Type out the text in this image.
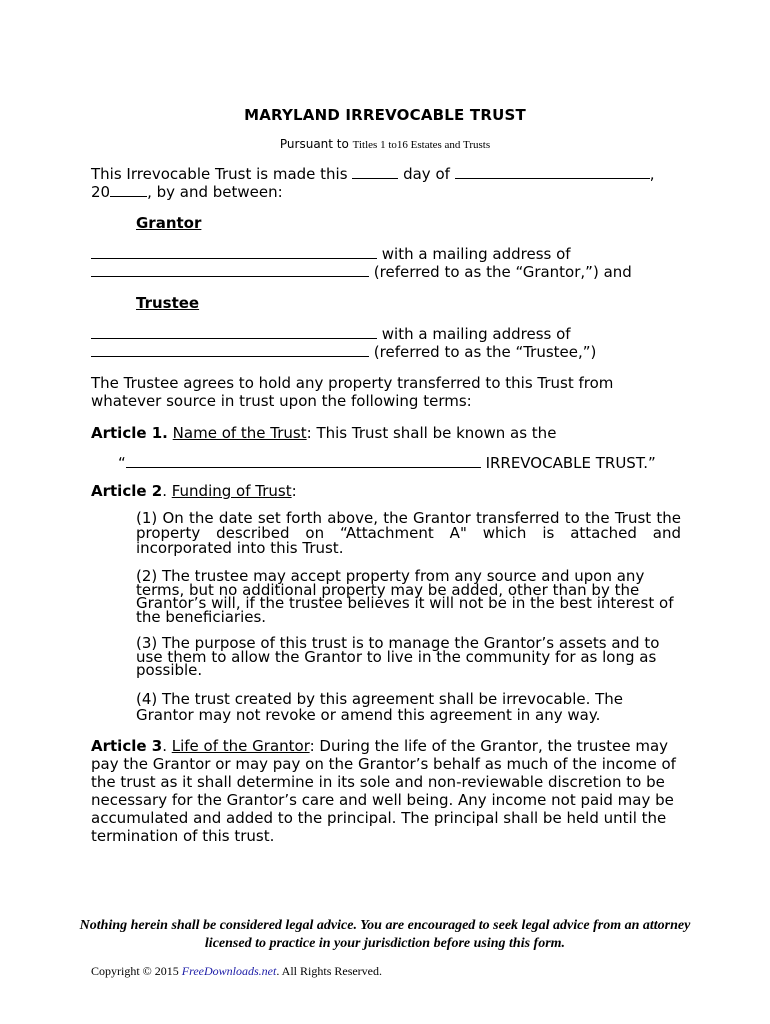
MARYLAND IRREVOCABLE TRUST
Pursuant to Titles 1 to16 Estates and Trusts
This Irrevocable Trust is made this	day of	,
20 , by and between:
Grantor
with a mailing address of
(referred to as the “Grantor,”) and
Trustee
with a mailing address of
(referred to as the “Trustee,”)
The Trustee agrees to hold any property transferred to this Trust from whatever source in trust upon the following terms:
Article 1. Name of the Trust: This Trust shall be known as the
“	IRREVOCABLE TRUST.”
Article 2. Funding of Trust:
(1) On the date set forth above, the Grantor transferred to the Trust the property described on “Attachment A" which is attached and incorporated into this Trust.
(2) The trustee may accept property from any source and upon any terms, but no additional property may be added, other than by the Grantor’s will, if the trustee believes it will not be in the best interest of the beneficiaries.
(3) The purpose of this trust is to manage the Grantor’s assets and to use them to allow the Grantor to live in the community for as long as possible.
(4) The trust created by this agreement shall be irrevocable. The Grantor may not revoke or amend this agreement in any way.
Article 3. Life of the Grantor: During the life of the Grantor, the trustee may pay the Grantor or may pay on the Grantor’s behalf as much of the income of the trust as it shall determine in its sole and non-reviewable discretion to be necessary for the Grantor’s care and well being. Any income not paid may be accumulated and added to the principal. The principal shall be held until the termination of this trust.
Nothing herein shall be considered legal advice. You are encouraged to seek legal advice from an attorney licensed to practice in your jurisdiction before using this form.
Copyright © 2015 FreeDownloads.net. All Rights Reserved.
